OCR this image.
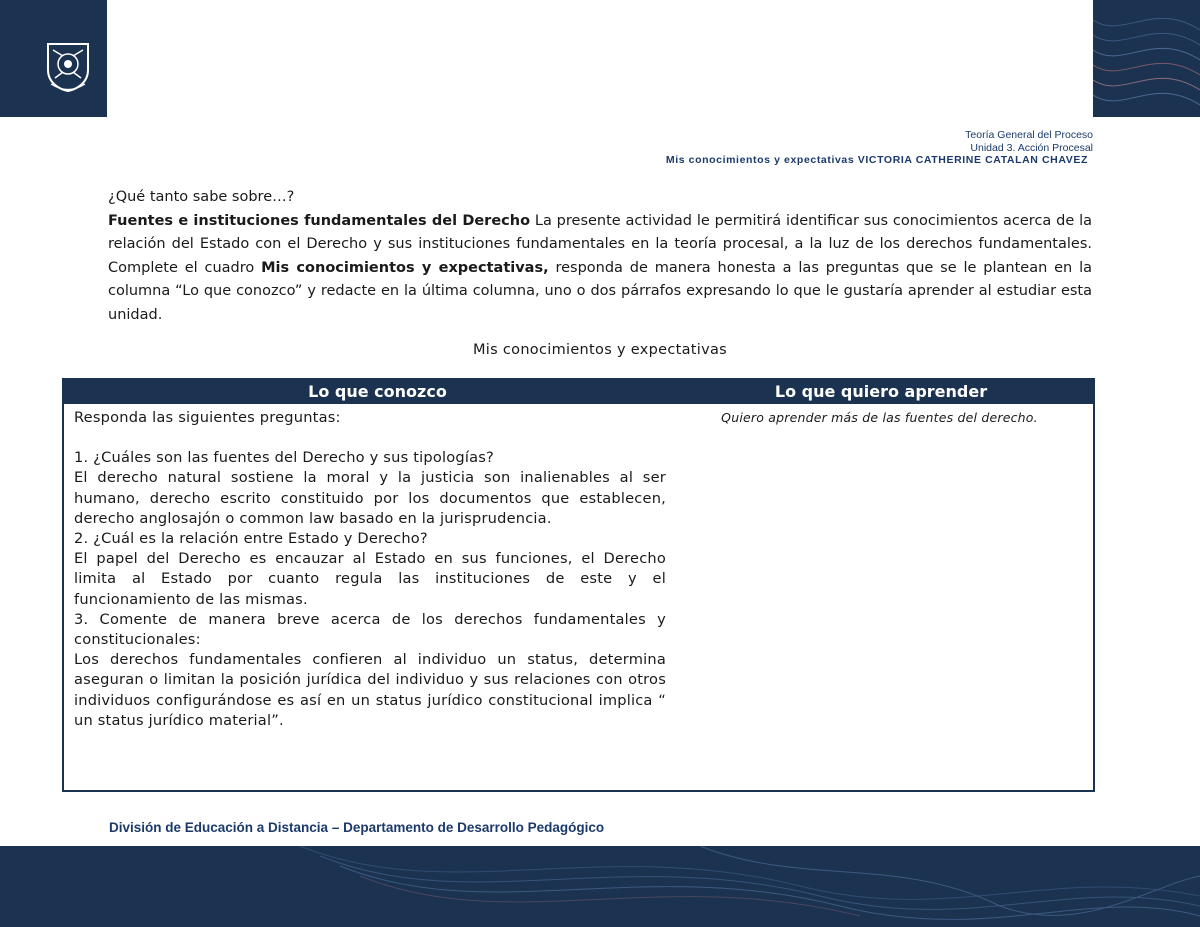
Teoría General del Proceso
Unidad 3. Acción Procesal
Mis conocimientos y expectativas VICTORIA CATHERINE CATALAN CHAVEZ
¿Qué tanto sabe sobre…?
Fuentes e instituciones fundamentales del Derecho La presente actividad le permitirá identificar sus conocimientos acerca de la relación del Estado con el Derecho y sus instituciones fundamentales en la teoría procesal, a la luz de los derechos fundamentales. Complete el cuadro Mis conocimientos y expectativas, responda de manera honesta a las preguntas que se le plantean en la columna “Lo que conozco” y redacte en la última columna, uno o dos párrafos expresando lo que le gustaría aprender al estudiar esta unidad.
Mis conocimientos y expectativas
Lo que conozco	Lo que quiero aprender

Responda las siguientes preguntas:

1. ¿Cuáles son las fuentes del Derecho y sus tipologías?

El derecho natural sostiene la moral y la justicia son inalienables al ser humano, derecho escrito constituido por los documentos que establecen, derecho anglosajón o common law basado en la jurisprudencia.

2. ¿Cuál es la relación entre Estado y Derecho?

El papel del Derecho es encauzar al Estado en sus funciones, el Derecho limita al Estado por cuanto regula las instituciones de este y el funcionamiento de las mismas.

3. Comente de manera breve acerca de los derechos fundamentales y constitucionales:

Los derechos fundamentales confieren al individuo un status, determina aseguran o limitan la posición jurídica del individuo y sus relaciones con otros individuos configurándose es así en un status jurídico constitucional implica “ un status jurídico material”.

Quiero aprender más de las fuentes del derecho.
División de Educación a Distancia – Departamento de Desarrollo Pedagógico
